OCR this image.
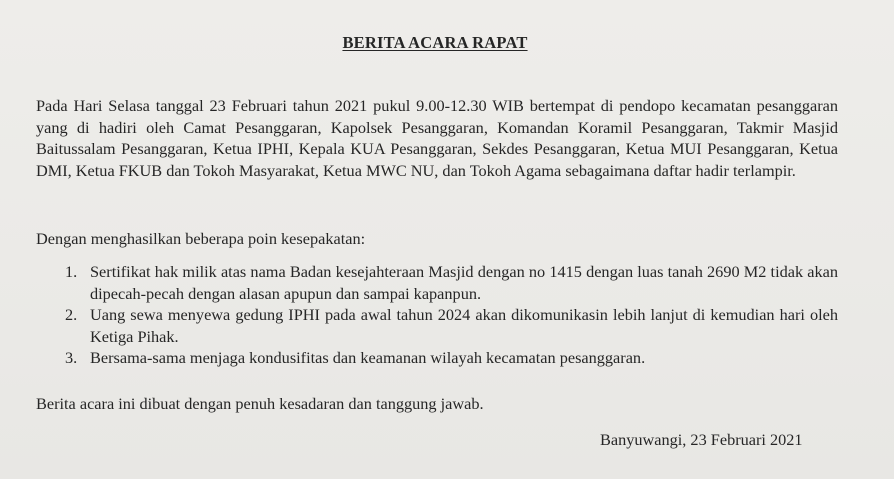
BERITA ACARA RAPAT
Pada Hari Selasa tanggal 23 Februari tahun 2021 pukul 9.00-12.30 WIB bertempat di pendopo kecamatan pesanggaran yang di hadiri oleh Camat Pesanggaran, Kapolsek Pesanggaran, Komandan Koramil Pesanggaran, Takmir Masjid Baitussalam Pesanggaran, Ketua IPHI, Kepala KUA Pesanggaran, Sekdes Pesanggaran, Ketua MUI Pesanggaran, Ketua DMI, Ketua FKUB dan Tokoh Masyarakat, Ketua MWC NU, dan Tokoh Agama sebagaimana daftar hadir terlampir.
Dengan menghasilkan beberapa poin kesepakatan:
1. Sertifikat hak milik atas nama Badan kesejahteraan Masjid dengan no 1415 dengan luas tanah 2690 M2 tidak akan dipecah-pecah dengan alasan apupun dan sampai kapanpun.
2. Uang sewa menyewa gedung IPHI pada awal tahun 2024 akan dikomunikasin lebih lanjut di kemudian hari oleh Ketiga Pihak.
3. Bersama-sama menjaga kondusifitas dan keamanan wilayah kecamatan pesanggaran.
Berita acara ini dibuat dengan penuh kesadaran dan tanggung jawab.
Banyuwangi, 23 Februari 2021
